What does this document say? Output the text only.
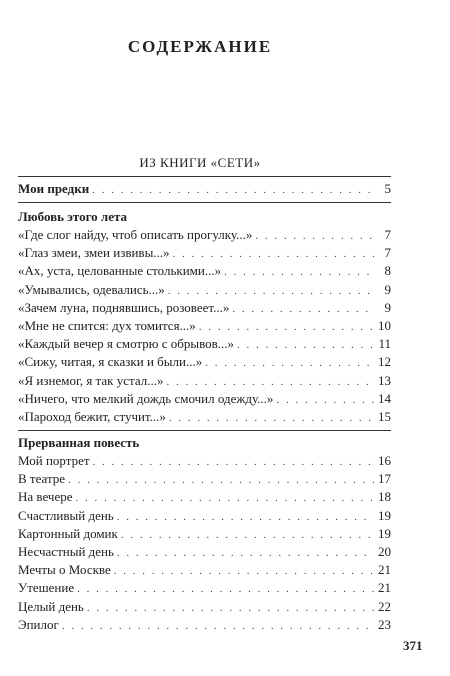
СОДЕРЖАНИЕ
ИЗ КНИГИ «СЕТИ»
Мои предки . . .	5
Любовь этого лета
«Где слог найду, чтоб описать прогулку...» . . .	7
«Глаз змеи, змеи извивы...» . . .	7
«Ах, уста, целованные столькими...» . . .	8
«Умывались, одевались...» . . .	9
«Зачем луна, поднявшись, розовеет...» . . .	9
«Мне не спится: дух томится...» . . .	10
«Каждый вечер я смотрю с обрывов...» . . .	11
«Сижу, читая, я сказки и были...» . . .	12
«Я изнемог, я так устал...» . . .	13
«Ничего, что мелкий дождь смочил одежду...» . . .	14
«Пароход бежит, стучит...» . . .	15
Прерванная повесть
Мой портрет . . .	16
В театре . . .	17
На вечере . . .	18
Счастливый день . . .	19
Картонный домик . . .	19
Несчастный день . . .	20
Мечты о Москве . . .	21
Утешение . . .	21
Целый день . . .	22
Эпилог . . .	23
371
